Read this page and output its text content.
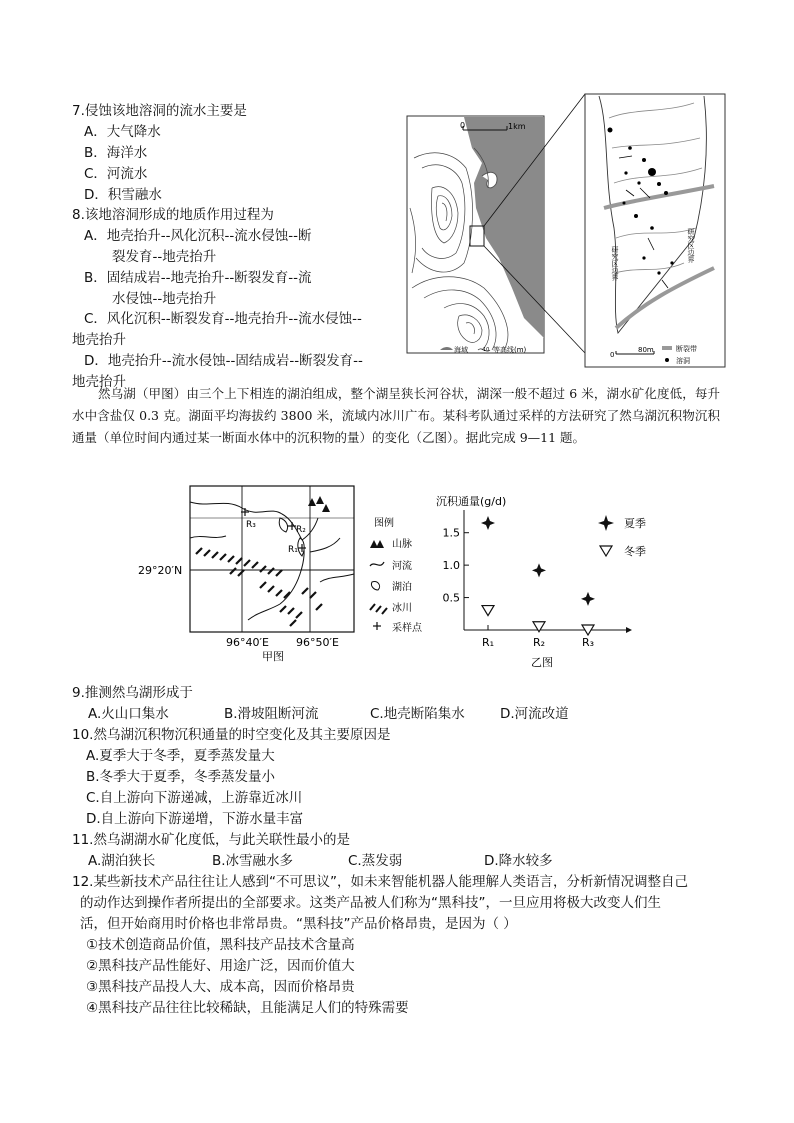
7.侵蚀该地溶洞的流水主要是
A．大气降水
B．海洋水
C．河流水
D．积雪融水
8.该地溶洞形成的地质作用过程为
A．地壳抬升--风化沉积--流水侵蚀--断
裂发育--地壳抬升
B．固结成岩--地壳抬升--断裂发育--流
水侵蚀--地壳抬升
C．风化沉积--断裂发育--地壳抬升--流水侵蚀--
地壳抬升
D．地壳抬升--流水侵蚀--固结成岩--断裂发育--
地壳抬升
0	1km
海域	10 等高线(m)
研究区边界
研究区边界
0
80m	断裂带
溶洞
然乌湖（甲图）由三个上下相连的湖泊组成，整个湖呈狭长河谷状，湖深一般不超过 6 米，湖水矿化度低，每升水中含盐仅 0.3 克。湖面平均海拔约 3800 米，流域内冰川广布。某科考队通过采样的方法研究了然乌湖沉积物沉积通量（单位时间内通过某一断面水体中的沉积物的量）的变化（乙图）。据此完成 9—11 题。
R₃	R₂
R₁
29°20′N
96°40′E 96°50′E
甲图
图例
山脉
河流
湖泊
冰川
采样点
沉积通量(g/d)
0.5
1.0
1.5
R₁	R₂	R₃
乙图
夏季
冬季
9.推测然乌湖形成于
A.火山口集水	B.滑坡阻断河流	C.地壳断陷集水	D.河流改道
10.然乌湖沉积物沉积通量的时空变化及其主要原因是
A.夏季大于冬季，夏季蒸发量大
B.冬季大于夏季，冬季蒸发量小
C.自上游向下游递减，上游靠近冰川
D.自上游向下游递增，下游水量丰富
11.然乌湖湖水矿化度低，与此关联性最小的是
A.湖泊狭长	B.冰雪融水多	C.蒸发弱	D.降水较多
12.某些新技术产品往往让人感到“不可思议”，如未来智能机器人能理解人类语言，分析新情况调整自己
的动作达到操作者所提出的全部要求。这类产品被人们称为“黑科技”，一旦应用将极大改变人们生
活，但开始商用时价格也非常昂贵。“黑科技”产品价格昂贵，是因为（ ）
①技术创造商品价值，黑科技产品技术含量高
②黑科技产品性能好、用途广泛，因而价值大
③黑科技产品投人大、成本高，因而价格昂贵
④黑科技产品往往比较稀缺，且能满足人们的特殊需要
